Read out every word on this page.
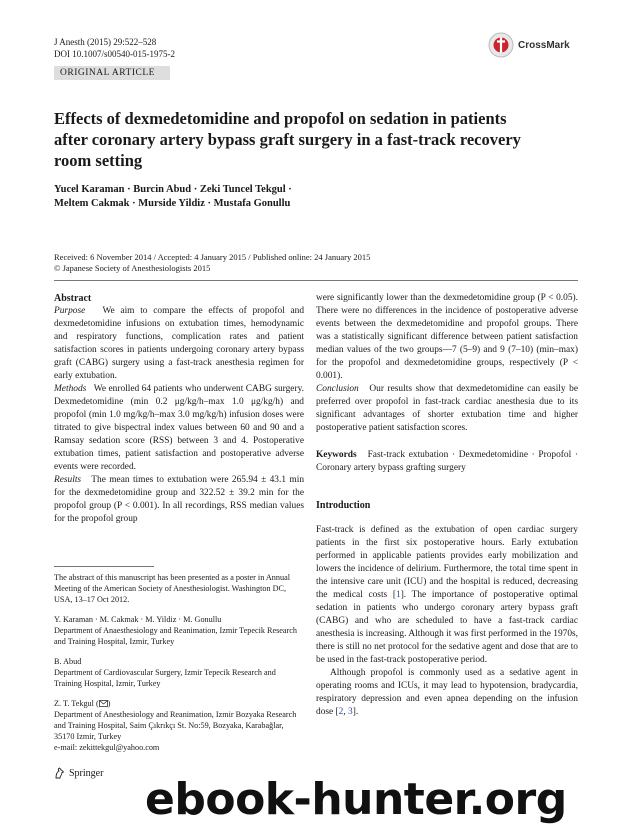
J Anesth (2015) 29:522–528
DOI 10.1007/s00540-015-1975-2
CrossMark
ORIGINAL ARTICLE
Effects of dexmedetomidine and propofol on sedation in patients after coronary artery bypass graft surgery in a fast-track recovery room setting
Yucel Karaman · Burcin Abud · Zeki Tuncel Tekgul ·
Meltem Cakmak · Murside Yildiz · Mustafa Gonullu
Received: 6 November 2014 / Accepted: 4 January 2015 / Published online: 24 January 2015
© Japanese Society of Anesthesiologists 2015
Abstract

Purpose We aim to compare the effects of propofol and dexmedetomidine infusions on extubation times, hemodynamic and respiratory functions, complication rates and patient satisfaction scores in patients undergoing coronary artery bypass graft (CABG) surgery using a fast-track anesthesia regimen for early extubation.

Methods We enrolled 64 patients who underwent CABG surgery. Dexmedetomidine (min 0.2 μg/kg/h–max 1.0 μg/kg/h) and propofol (min 1.0 mg/kg/h–max 3.0 mg/kg/h) infusion doses were titrated to give bispectral index values between 60 and 90 and a Ramsay sedation score (RSS) between 3 and 4. Postoperative extubation times, patient satisfaction and postoperative adverse events were recorded.

Results The mean times to extubation were 265.94 ± 43.1 min for the dexmedetomidine group and 322.52 ± 39.2 min for the propofol group (P < 0.001). In all recordings, RSS median values for the propofol group

were significantly lower than the dexmedetomidine group (P < 0.05). There were no differences in the incidence of postoperative adverse events between the dexmedetomidine and propofol groups. There was a statistically significant difference between patient satisfaction median values of the two groups—7 (5–9) and 9 (7–10) (min–max) for the propofol and dexmedetomidine groups, respectively (P < 0.001).

Conclusion Our results show that dexmedetomidine can easily be preferred over propofol in fast-track cardiac anesthesia due to its significant advantages of shorter extubation time and higher postoperative patient satisfaction scores.

Keywords Fast-track extubation · Dexmedetomidine · Propofol · Coronary artery bypass grafting surgery

Introduction

Fast-track is defined as the extubation of open cardiac surgery patients in the first six postoperative hours. Early extubation performed in applicable patients provides early mobilization and lowers the incidence of delirium. Furthermore, the total time spent in the intensive care unit (ICU) and the hospital is reduced, decreasing the medical costs [1]. The importance of postoperative optimal sedation in patients who undergo coronary artery bypass graft (CABG) and who are scheduled to have a fast-track cardiac anesthesia is increasing. Although it was first performed in the 1970s, there is still no net protocol for the sedative agent and dose that are to be used in the fast-track postoperative period.

Although propofol is commonly used as a sedative agent in operating rooms and ICUs, it may lead to hypotension, bradycardia, respiratory depression and even apnea depending on the infusion dose [2, 3].

The abstract of this manuscript has been presented as a poster in Annual Meeting of the American Society of Anesthesiologist. Washington DC, USA, 13–17 Oct 2012.

Y. Karaman · M. Cakmak · M. Yildiz · M. Gonullu
Department of Anaesthesiology and Reanimation, Izmir Tepecik Research and Training Hospital, Izmir, Turkey

B. Abud
Department of Cardiovascular Surgery, Izmir Tepecik Research and Training Hospital, Izmir, Turkey

Z. T. Tekgul ( )
Department of Anesthesiology and Reanimation, Izmir Bozyaka Research and Training Hospital, Saim Çıkrıkçı St. No:59, Bozyaka, Karabağlar, 35170 Izmir, Turkey
e-mail: zekittekgul@yahoo.com

Springer
ebook-hunter.org
